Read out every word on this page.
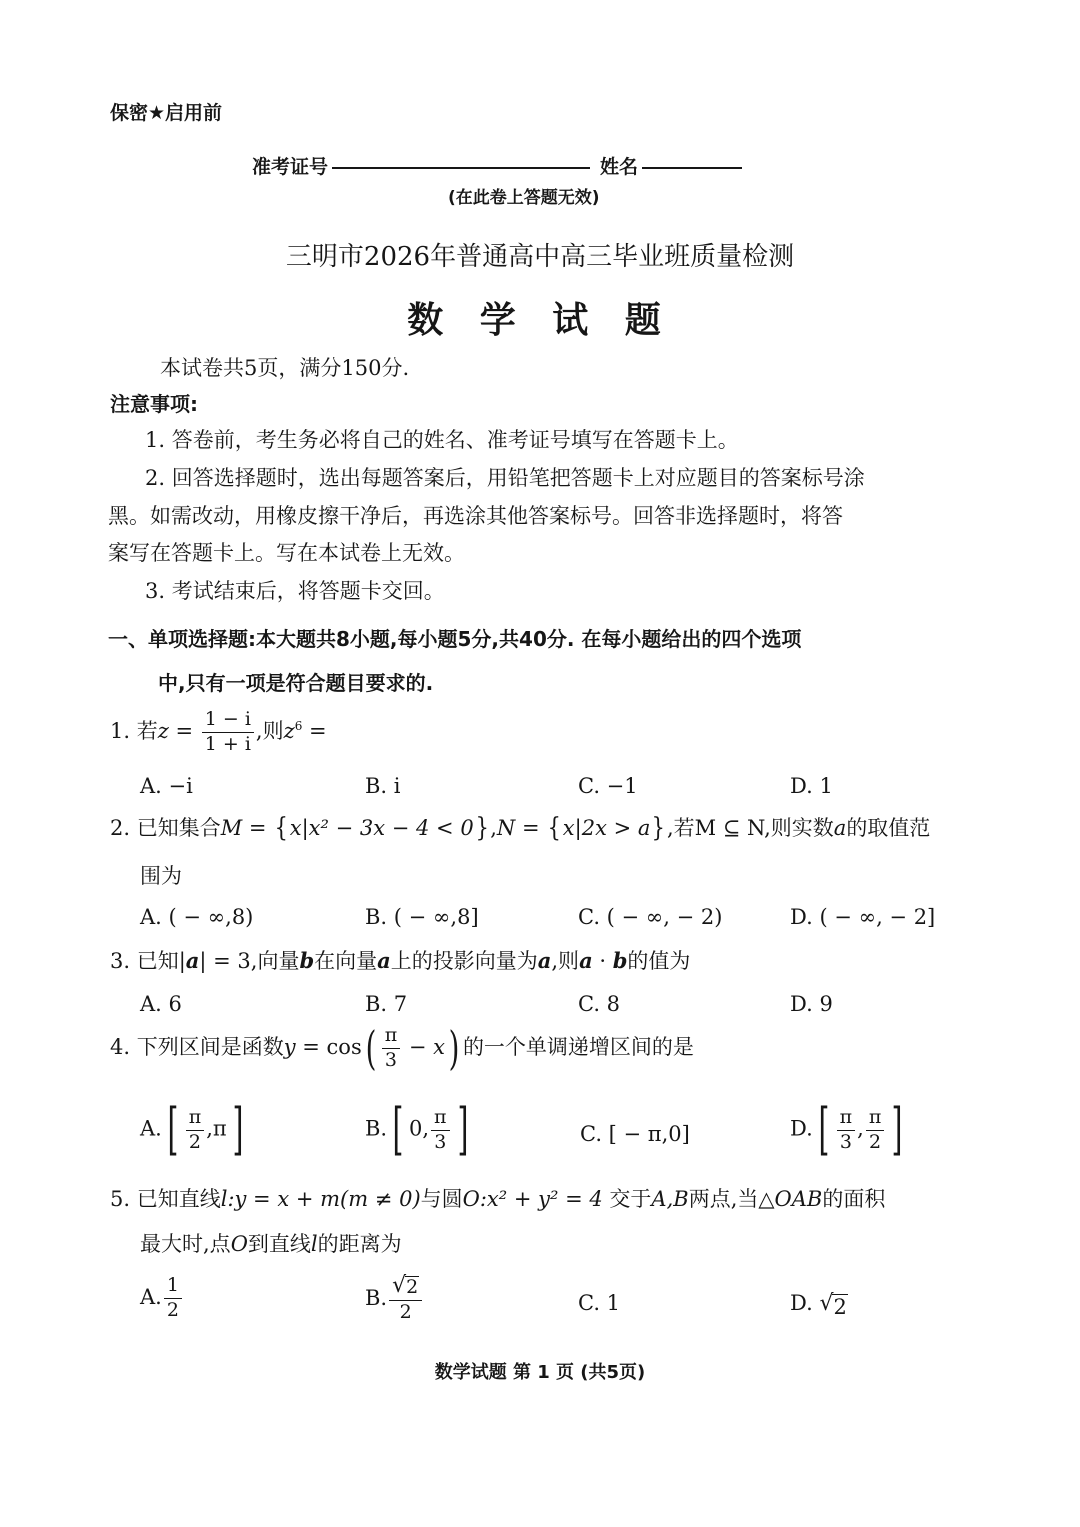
保密★启用前
准考证号	姓名
(在此卷上答题无效)
三明市2026年普通高中高三毕业班质量检测
数 学 试 题
本试卷共5页，满分150分.
注意事项:
1. 答卷前，考生务必将自己的姓名、准考证号填写在答题卡上。
2. 回答选择题时，选出每题答案后，用铅笔把答题卡上对应题目的答案标号涂
黑。如需改动，用橡皮擦干净后，再选涂其他答案标号。回答非选择题时，将答
案写在答题卡上。写在本试卷上无效。
3. 考试结束后，将答题卡交回。
一、单项选择题:本大题共8小题,每小题5分,共40分. 在每小题给出的四个选项
中,只有一项是符合题目要求的.
1. 若$z = \frac{1 - i}{1 + i}$ ,则$z^6$ =
A. −i	B. i	C. −1	D. 1
2. 已知集合M = {x|x² − 3x − 4 < 0},N = {x|2x > a},若M ⊆ N,则实数a的取值范
围为
A. ( − ∞,8)	B. ( − ∞,8]	C. ( − ∞, − 2)	D. ( − ∞, − 2]
3. 已知|a| = 3,向量b在向量a上的投影向量为a,则a · b的值为
A. 6	B. 7	C. 8	D. 9
4. 下列区间是函数$y = \cos( \frac{\pi}{3} - x)$ 的一个单调递增区间的是
$A.[ \frac{\pi}{2} ,\pi]$	B.[ 0, $\frac{\pi}{3}$ ]	C. [ − π,0]	$D.[ \frac{\pi}{3}$ , $\frac{\pi}{2}$ ]
5. 已知直线l:y = x + m(m ≠ 0)与圆O:x² + y² = 4 交于A,B两点,当△OAB的面积
最大时,点O到直线l的距离为
A. $\frac{1}{2}$	B. $\frac{√ 2}{2}$	C. 1	D. √ 2
数学试题 第 1 页 (共5页)
